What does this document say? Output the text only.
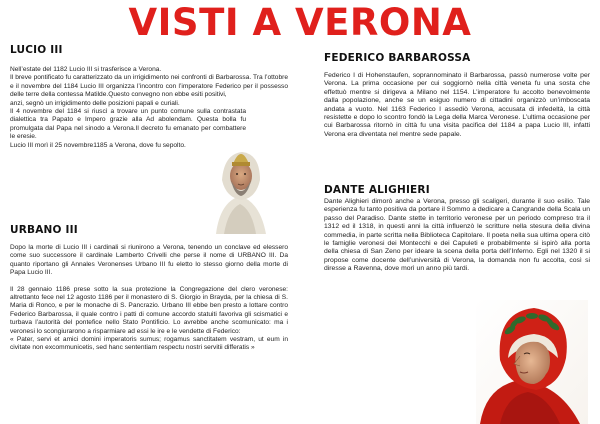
VISTI A VERONA
LUCIO III

Nell’estate del 1182 Lucio III si trasferisce a Verona.

Il breve pontificato fu caratterizzato da un irrigidimento nei confronti di Barbarossa. Tra l’ottobre e il novembre del 1184 Lucio III organizza l’incontro con l’imperatore Federico per il possesso delle terre della contessa Matilde.Questo convegno non ebbe esiti positivi,

anzi, segnò un irrigidimento delle posizioni papali e curiali.

Il 4 novembre del 1184 si riuscì a trovare un punto comune sulla contrastata dialettica tra Papato e Impero grazie alla Ad abolendam. Questa bolla fu promulgata dal Papa nel sinodo a Verona.Il decreto fu emanato per combattere le eresie.

Lucio III morì il 25 novembre1185 a Verona, dove fu sepolto.

URBANO III

Dopo la morte di Lucio III i cardinali si riunirono a Verona, tenendo un conclave ed elessero come suo successore il cardinale Lamberto Crivelli che perse il nome di URBANO III. Da quanto riportano gli Annales Veronenses Urbano III fu eletto lo stesso giorno della morte di Papa Lucio III.

Il 28 gennaio 1186 prese sotto la sua protezione la Congregazione del clero veronese: altrettanto fece nel 12 agosto 1186 per il monastero di S. Giorgio in Brayda, per la chiesa di S. Maria di Ronco, e per le monache di S. Pancrazio. Urbano III ebbe ben presto a lottare contro Federico Barbarossa, il quale contro i patti di comune accordo statuiti favoriva gli scismatici e turbava l’autorità del pontefice nello Stato Pontificio. Lo avrebbe anche scomunicato: ma i veronesi lo scongiurarono a risparmiare ad essi le ire e le vendette di Federico:

« Pater, servi et amici domini imperatoris sumus; rogamus sanctitatem vestram, ut eum in civitate non excommunicetis, sed hanc sententiam respectu nostri servitii differatis »

FEDERICO BARBAROSSA

Federico I di Hohenstaufen, soprannominato il Barbarossa, passò numerose volte per Verona. La prima occasione per cui soggiornò nella città veneta fu una sosta che effettuò mentre si dirigeva a Milano nel 1154. L’imperatore fu accolto benevolmente dalla popolazione, anche se un esiguo numero di cittadini organizzò un’imboscata andata a vuoto. Nel 1163 Federico I assediò Verona, accusata di infedeltà, la città resistette e dopo lo scontro fondò la Lega della Marca Veronese. L’ultima occasione per cui Barbarossa ritornò in città fu una visita pacifica del 1184 a papa Lucio III, infatti Verona era diventata nel mentre sede papale.

DANTE ALIGHIERI

Dante Alighieri dimorò anche a Verona, presso gli scaligeri, durante il suo esilio. Tale esperienza fu tanto positiva da portare il Sommo a dedicare a Cangrande della Scala un passo del Paradiso. Dante stette in territorio veronese per un periodo compreso tra il 1312 ed il 1318, in questi anni la città influenzò le scritture nella stesura della divina commedia, in parte scritta nella Biblioteca Capitolare. Il poeta nella sua ultima opera citò le famiglie veronesi dei Montecchi e dei Capuleti e probabilmente si ispirò alla porta della chiesa di San Zeno per ideare la scena della porta dell’Inferno. Egli nel 1320 il si propose come docente dell’università di Verona, la domanda non fu accolta, così si diresse a Ravenna, dove morì un anno più tardi.
